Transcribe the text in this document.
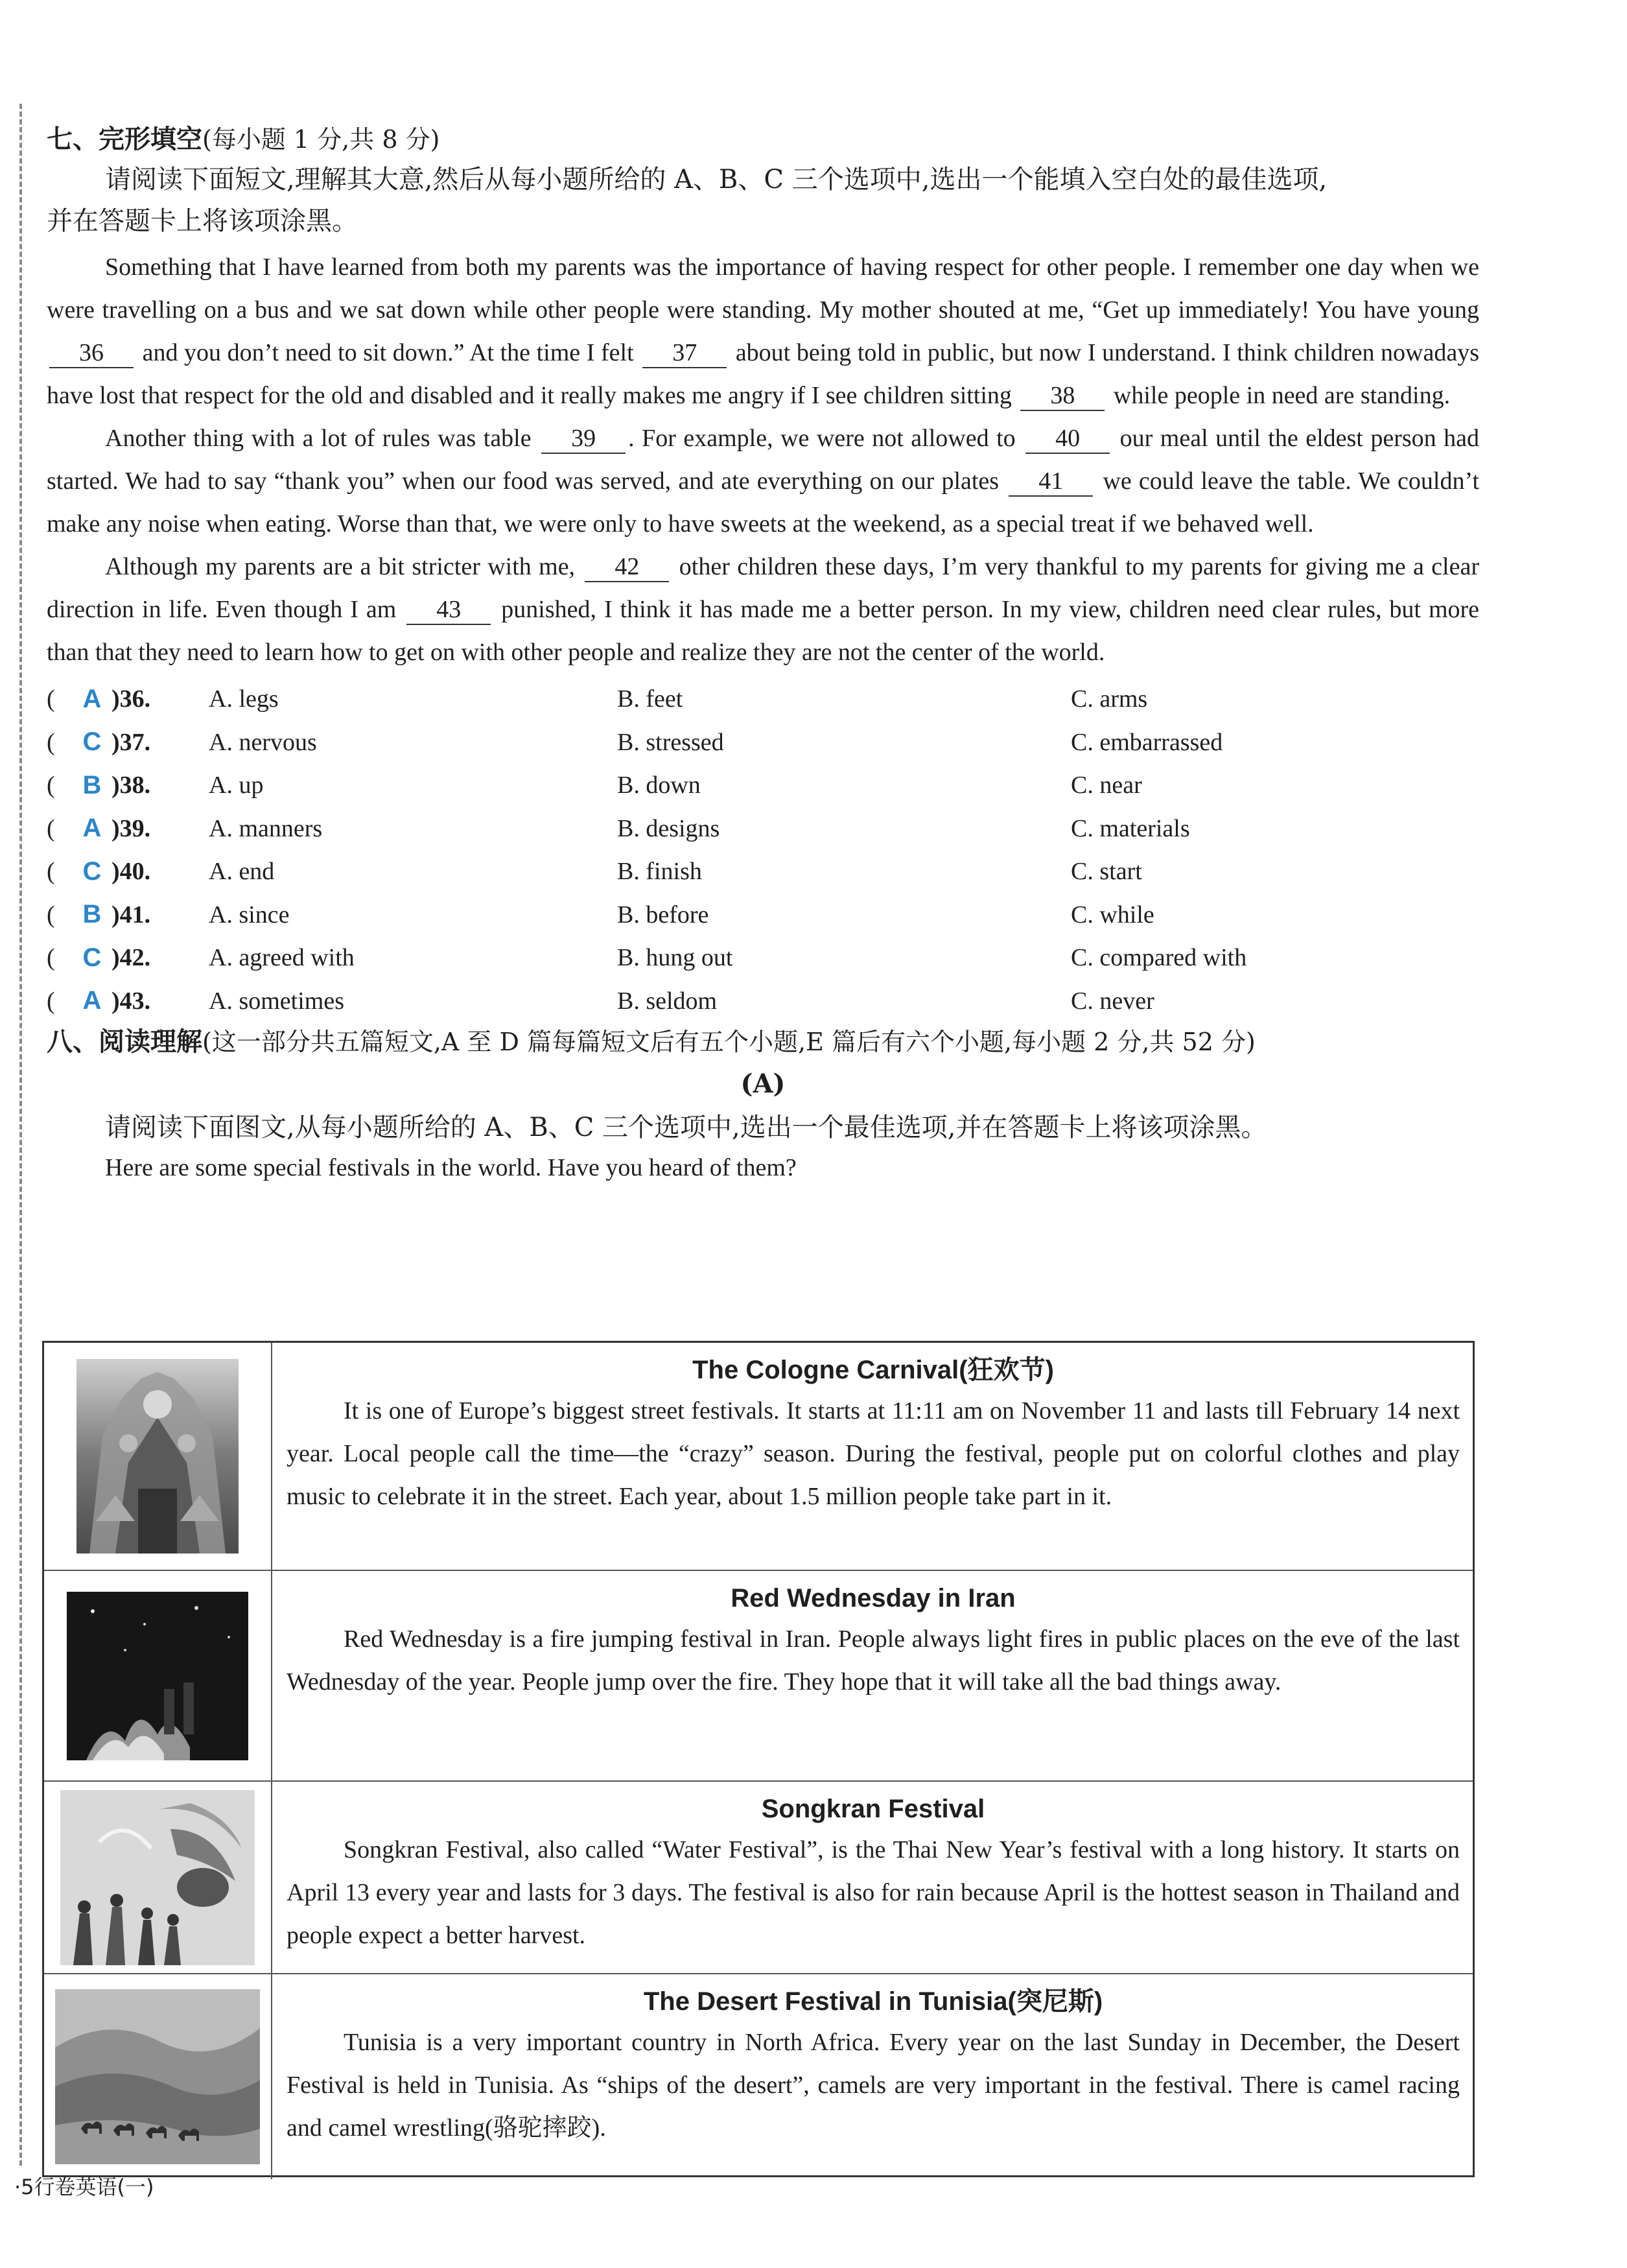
七、完形填空(每小题 1 分,共 8 分)
请阅读下面短文,理解其大意,然后从每小题所给的 A、B、C 三个选项中,选出一个能填入空白处的最佳选项,
并在答题卡上将该项涂黑。
Something that I have learned from both my parents was the importance of having respect for other people. I remember one day when we were travelling on a bus and we sat down while other people were standing. My mother shouted at me, “Get up immediately! You have young 36 and you don’t need to sit down.” At the time I felt 37 about being told in public, but now I understand. I think children nowadays have lost that respect for the old and disabled and it really makes me angry if I see children sitting 38 while people in need are standing.
Another thing with a lot of rules was table 39 . For example, we were not allowed to 40 our meal until the eldest person had started. We had to say “thank you” when our food was served, and ate everything on our plates 41 we could leave the table. We couldn’t make any noise when eating. Worse than that, we were only to have sweets at the weekend, as a special treat if we behaved well.
Although my parents are a bit stricter with me, 42 other children these days, I’m very thankful to my parents for giving me a clear direction in life. Even though I am 43 punished, I think it has made me a better person. In my view, children need clear rules, but more than that they need to learn how to get on with other people and realize they are not the center of the world.
(	A )36.	A. legs	B. feet	C. arms
(	C )37.	A. nervous	B. stressed	C. embarrassed
(	B )38.	A. up	B. down	C. near
(	A )39.	A. manners	B. designs	C. materials
(	C )40.	A. end	B. finish	C. start
(	B )41.	A. since	B. before	C. while
(	C )42.	A. agreed with	B. hung out	C. compared with
(	A )43.	A. sometimes	B. seldom	C. never
八、阅读理解(这一部分共五篇短文,A 至 D 篇每篇短文后有五个小题,E 篇后有六个小题,每小题 2 分,共 52 分)
(A)
请阅读下面图文,从每小题所给的 A、B、C 三个选项中,选出一个最佳选项,并在答题卡上将该项涂黑。
Here are some special festivals in the world. Have you heard of them?
The Cologne Carnival(狂欢节)
It is one of Europe’s biggest street festivals. It starts at 11:11 am on November 11 and lasts till February 14 next year. Local people call the time—the “crazy” season. During the festival, people put on colorful clothes and play music to celebrate it in the street. Each year, about 1.5 million people take part in it.
Red Wednesday in Iran
Red Wednesday is a fire jumping festival in Iran. People always light fires in public places on the eve of the last Wednesday of the year. People jump over the fire. They hope that it will take all the bad things away.
Songkran Festival
Songkran Festival, also called “Water Festival”, is the Thai New Year’s festival with a long history. It starts on April 13 every year and lasts for 3 days. The festival is also for rain because April is the hottest season in Thailand and people expect a better harvest.
The Desert Festival in Tunisia(突尼斯)
Tunisia is a very important country in North Africa. Every year on the last Sunday in December, the Desert Festival is held in Tunisia. As “ships of the desert”, camels are very important in the festival. There is camel racing and camel wrestling(骆驼摔跤).
·5行卷英语(一)
